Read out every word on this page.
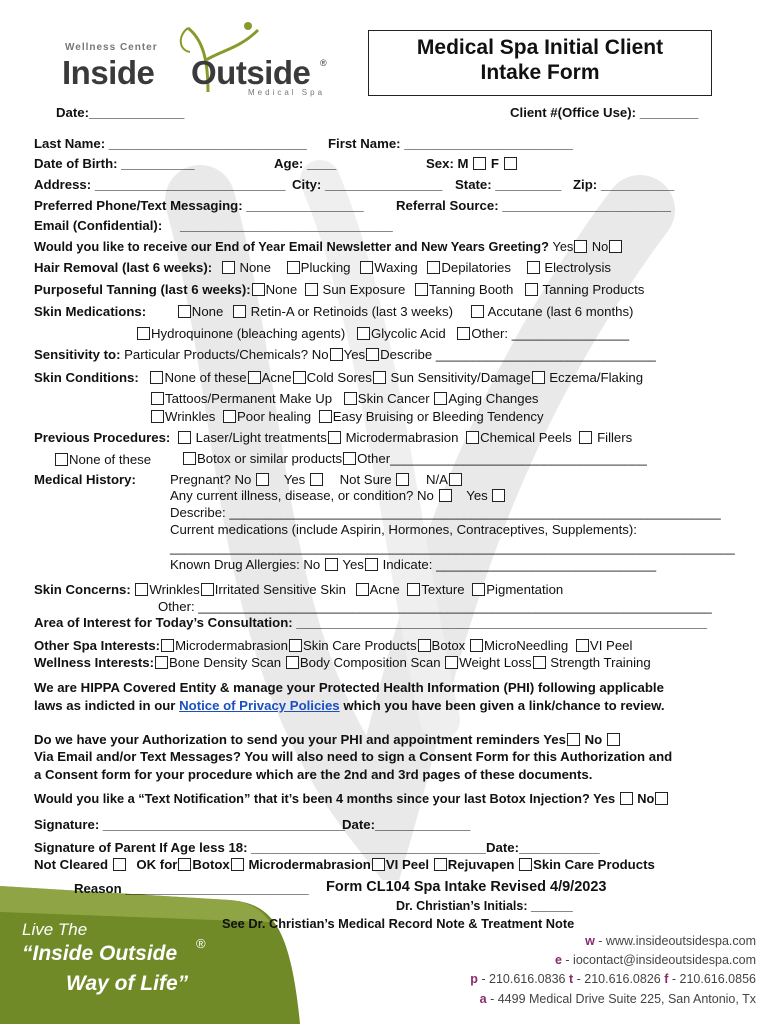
Wellness Center
Inside Outside ®
Medical Spa
Medical Spa Initial Client
Intake Form
Date:_____________	Client #(Office Use): ________
Last Name: ___________________________ First Name: _______________________
Date of Birth: __________	Age: ____	Sex: M F
Address: __________________________ City: ________________ State: _________ Zip: __________
Preferred Phone/Text Messaging: ________________ Referral Source: _______________________
Email (Confidential): _____________________________
Would you like to receive our End of Year Email Newsletter and New Years Greeting? Yes No
Hair Removal (last 6 weeks): None Plucking Waxing Depilatories	Electrolysis
Purposeful Tanning (last 6 weeks): None Sun Exposure Tanning Booth Tanning Products
Skin Medications:	None Retin-A or Retinoids (last 3 weeks)	Accutane (last 6 months)
Hydroquinone (bleaching agents) Glycolic Acid Other: ________________
Sensitivity to: Particular Products/Chemicals? No Yes Describe ______________________________
Skin Conditions: None of these Acne Cold Sores Sun Sensitivity/Damage Eczema/Flaking
Tattoos/Permanent Make Up Skin Cancer Aging Changes
Wrinkles Poor healing Easy Bruising or Bleeding Tendency
Previous Procedures: Laser/Light treatments Microdermabrasion Chemical Peels Fillers
None of these	Botox or similar products Other___________________________________
Medical History:	Pregnant? No Yes	Not Sure	N/A
Any current illness, disease, or condition? No Yes
Describe: ___________________________________________________________________
Current medications (include Aspirin, Hormones, Contraceptives, Supplements):
_____________________________________________________________________________
Known Drug Allergies: No Yes Indicate: ______________________________
Skin Concerns: Wrinkles Irritated Sensitive Skin Acne Texture Pigmentation
Other: ______________________________________________________________________
Area of Interest for Today’s Consultation: ________________________________________________________
Other Spa Interests: Microdermabrasion Skin Care Products Botox MicroNeedling VI Peel
Wellness Interests: Bone Density Scan Body Composition Scan Weight Loss Strength Training
We are HIPPA Covered Entity & manage your Protected Health Information (PHI) following applicable
laws as indicted in our Notice of Privacy Policies which you have been given a link/chance to review.
Do we have your Authorization to send you your PHI and appointment reminders Yes No
Via Email and/or Text Messages? You will also need to sign a Consent Form for this Authorization and
a Consent form for your procedure which are the 2nd and 3rd pages of these documents.
Would you like a “Text Notification” that it’s been 4 months since your last Botox Injection? Yes No
Signature: _________________________________
Date:_____________
Signature of Parent If Age less 18: ________________________________ Date:___________
Not Cleared OK for Botox Microdermabrasion VI Peel Rejuvapen Skin Care Products
Reason _________________________ Form CL104 Spa Intake Revised 4/9/2023
Dr. Christian’s Initials: ______
See Dr. Christian’s Medical Record Note & Treatment Note
Live The
“Inside Outside ®
Way of Life”
w - www.insideoutsidespa.com
e - iocontact@insideoutsidespa.com
p - 210.616.0836 t - 210.616.0826 f - 210.616.0856
a - 4499 Medical Drive Suite 225, San Antonio, Tx
